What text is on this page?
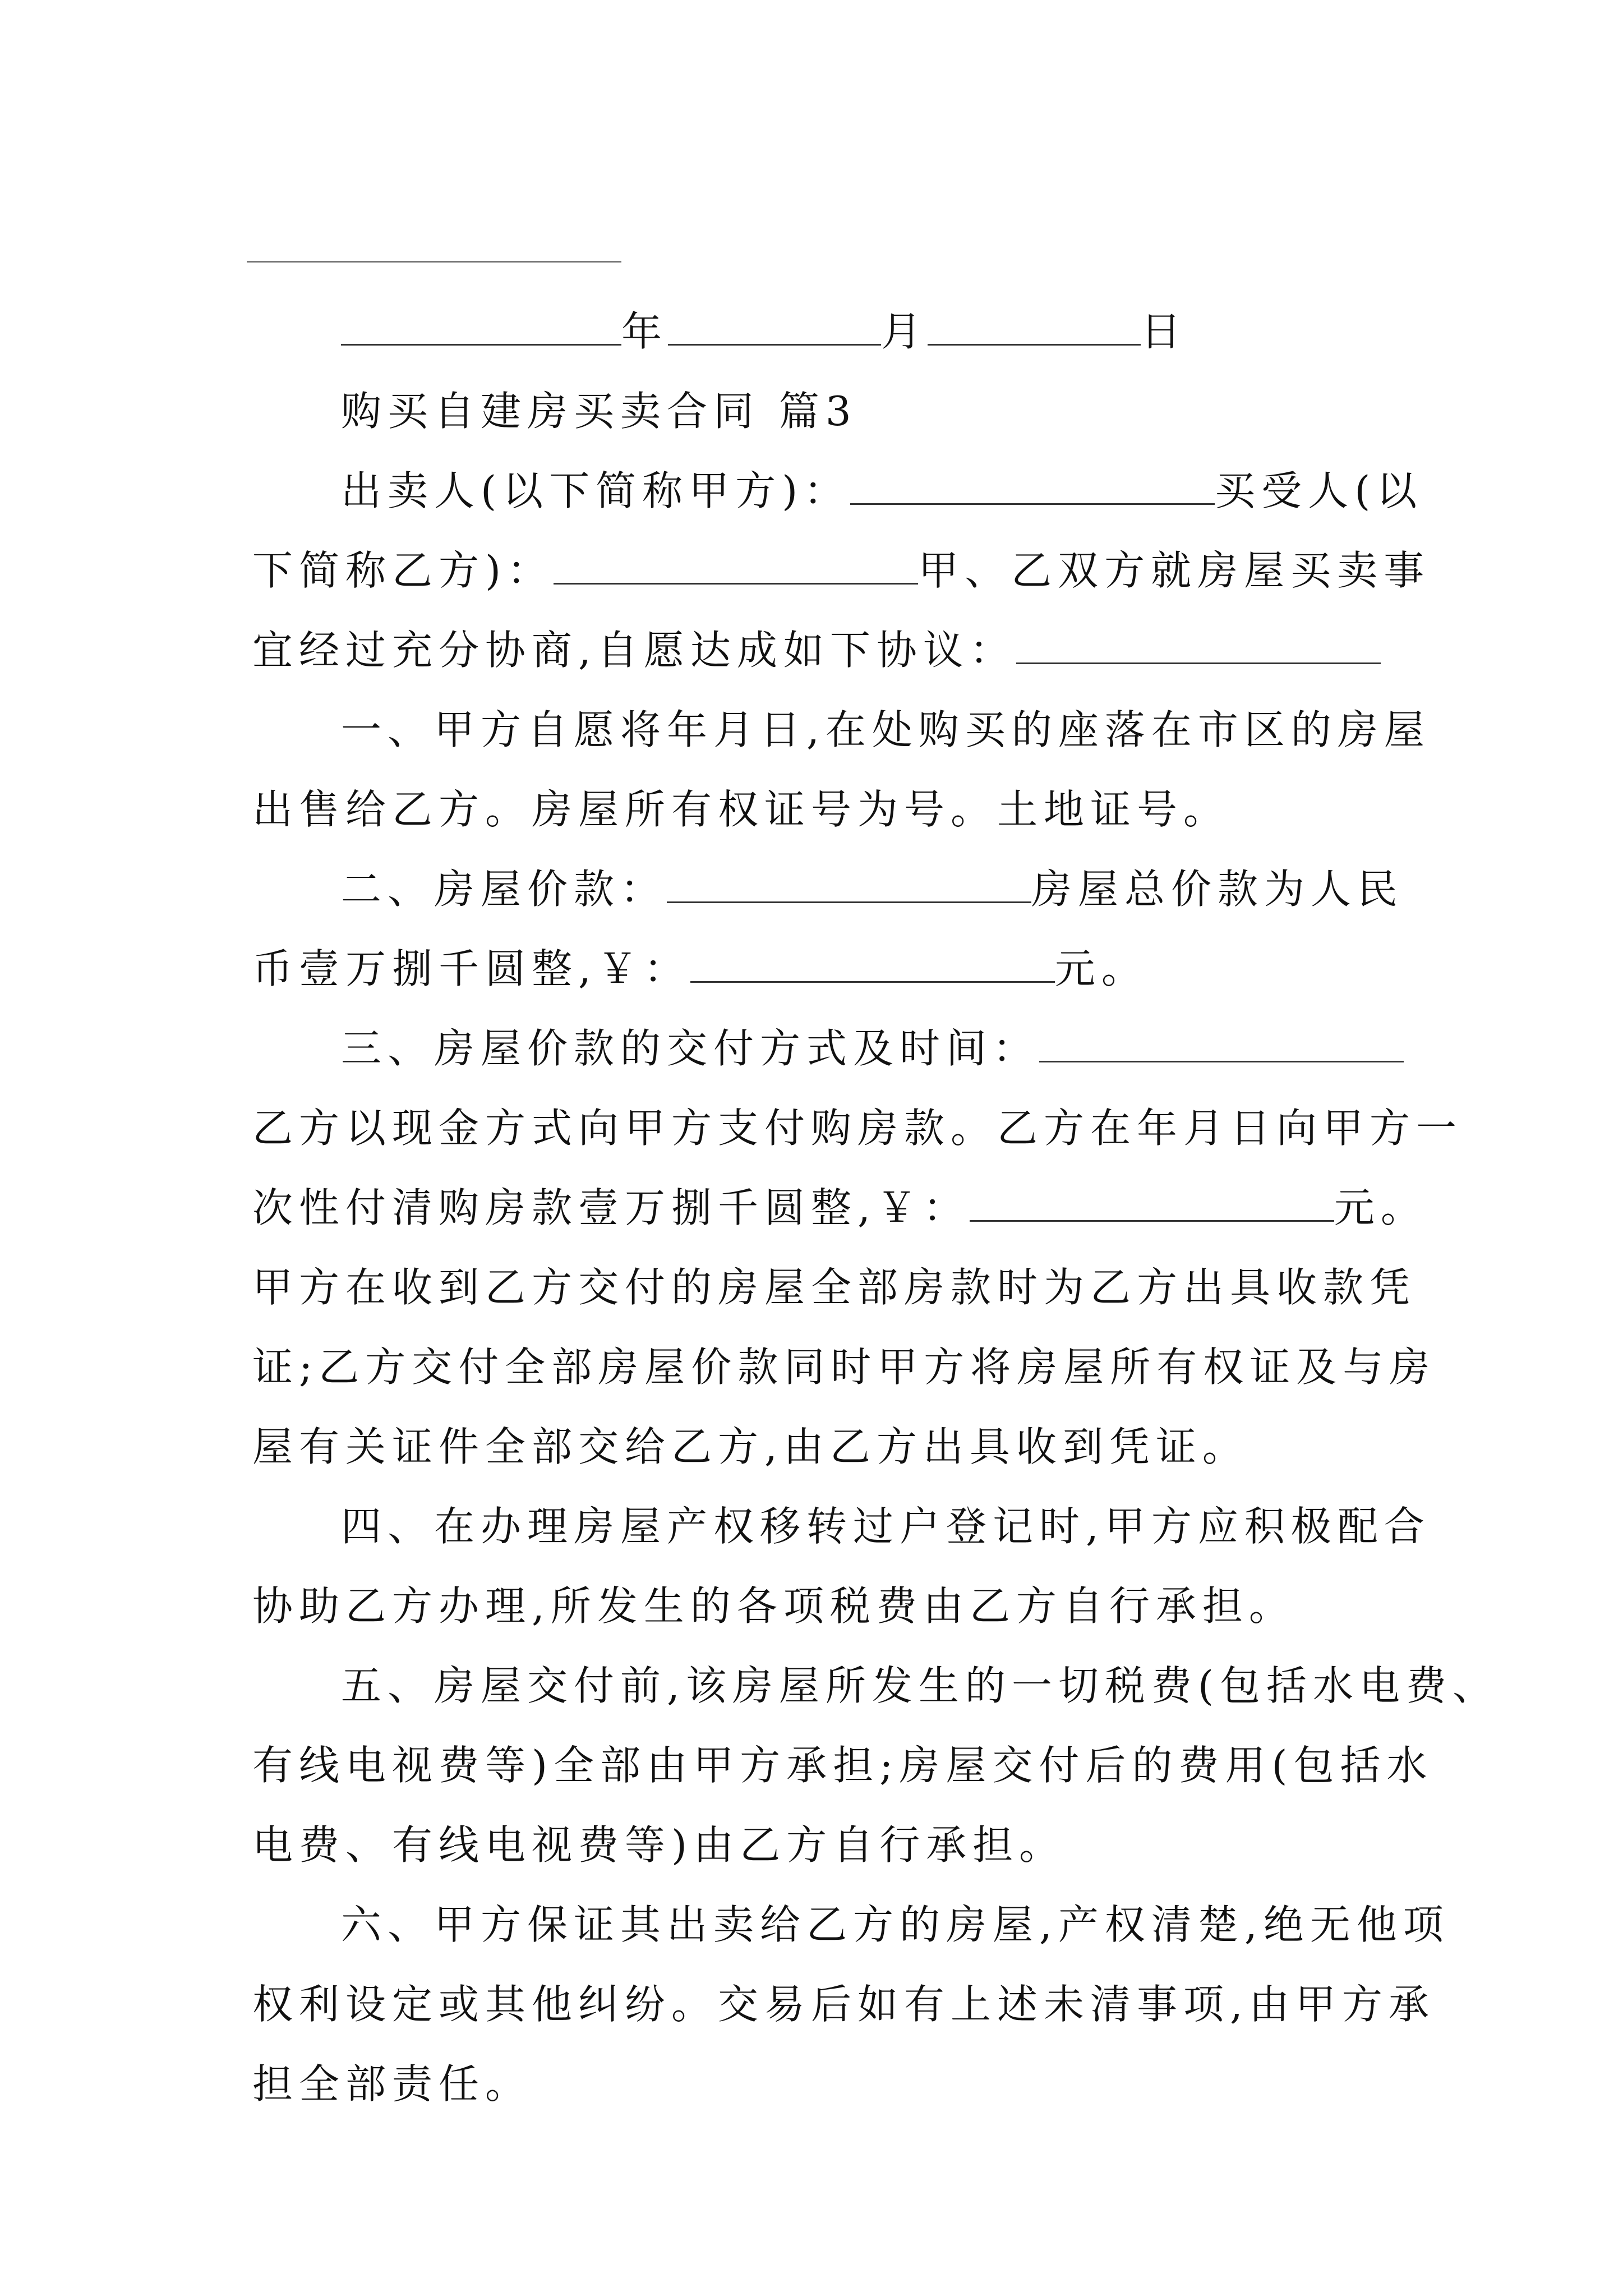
年	月	日
购买自建房买卖合同 篇3
出卖人(以下简称甲方)：	买受人(以
下简称乙方)：	甲、乙双方就房屋买卖事
宜经过充分协商,自愿达成如下协议：
一、甲方自愿将年月日,在处购买的座落在市区的房屋
出售给乙方。房屋所有权证号为号。土地证号。
二、房屋价款：	房屋总价款为人民
币壹万捌千圆整,￥：	元。
三、房屋价款的交付方式及时间：
乙方以现金方式向甲方支付购房款。乙方在年月日向甲方一
次性付清购房款壹万捌千圆整,￥：	元。
甲方在收到乙方交付的房屋全部房款时为乙方出具收款凭
证;乙方交付全部房屋价款同时甲方将房屋所有权证及与房
屋有关证件全部交给乙方,由乙方出具收到凭证。
四、在办理房屋产权移转过户登记时,甲方应积极配合
协助乙方办理,所发生的各项税费由乙方自行承担。
五、房屋交付前,该房屋所发生的一切税费(包括水电费、
有线电视费等)全部由甲方承担;房屋交付后的费用(包括水
电费、有线电视费等)由乙方自行承担。
六、甲方保证其出卖给乙方的房屋,产权清楚,绝无他项
权利设定或其他纠纷。交易后如有上述未清事项,由甲方承
担全部责任。
